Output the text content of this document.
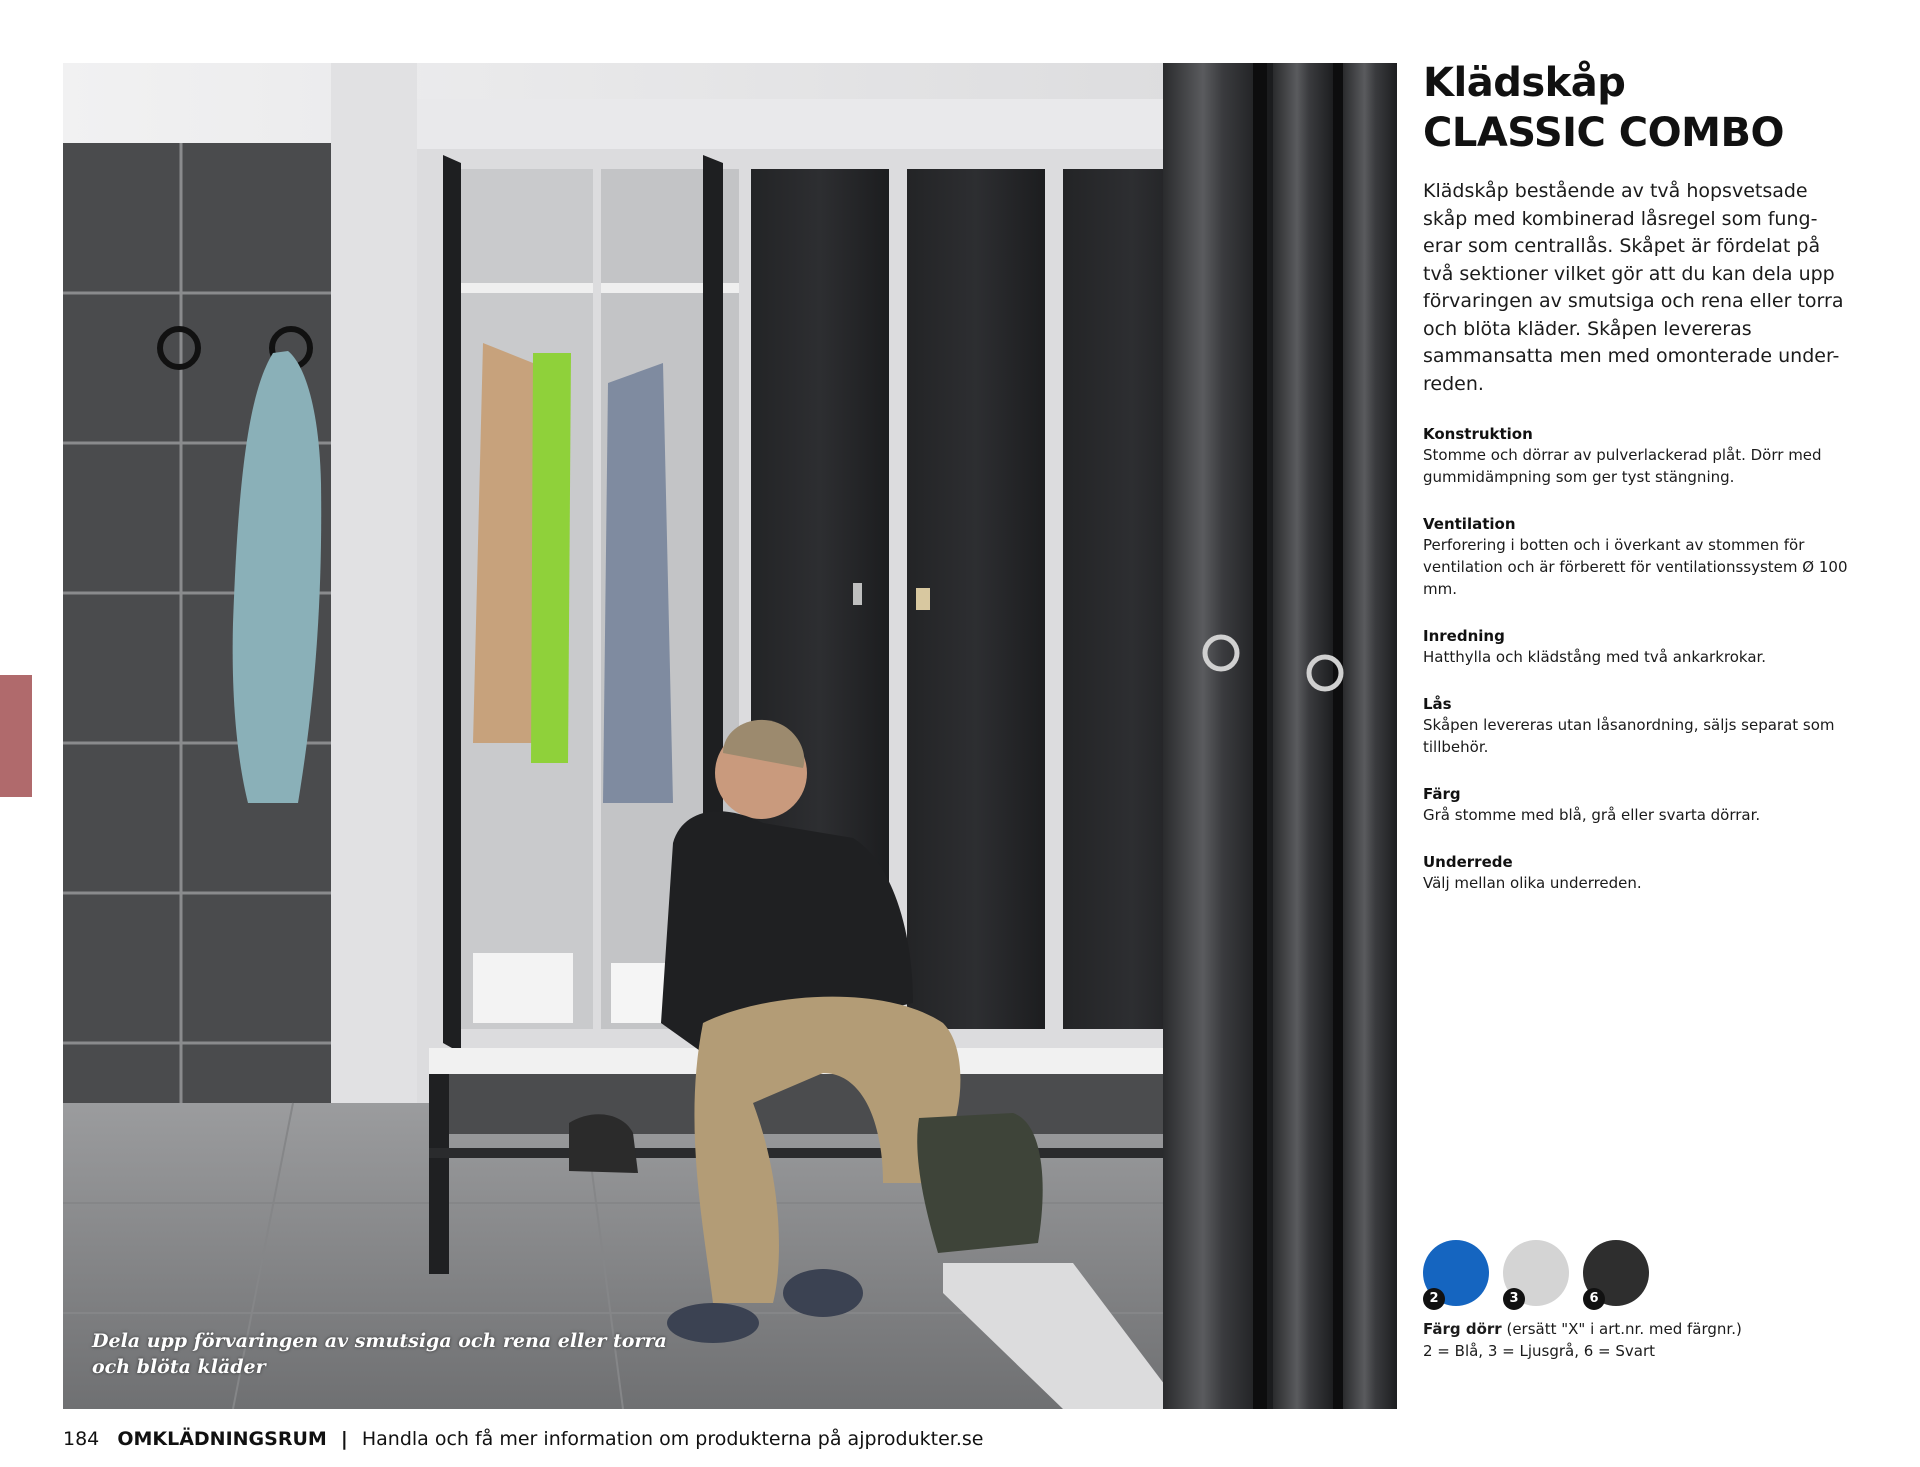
Dela upp förvaringen av smutsiga och rena eller torra och blöta kläder
Klädskåp
CLASSIC COMBO
Klädskåp bestående av två hopsvetsade skåp med kombinerad låsregel som fung-erar som centrallås. Skåpet är fördelat på två sektioner vilket gör att du kan dela upp förvaringen av smutsiga och rena eller torra och blöta kläder. Skåpen levereras sammansatta men med omonterade under-reden.
Konstruktion
Stomme och dörrar av pulverlackerad plåt. Dörr med gummidämpning som ger tyst stängning.
Ventilation
Perforering i botten och i överkant av stommen för ventilation och är förberett för ventilationssystem Ø 100 mm.
Inredning
Hatthylla och klädstång med två ankarkrokar.
Lås
Skåpen levereras utan låsanordning, säljs separat som tillbehör.
Färg
Grå stomme med blå, grå eller svarta dörrar.
Underrede
Välj mellan olika underreden.
2	3	6
Färg dörr (ersätt "X" i art.nr. med färgnr.)
2 = Blå, 3 = Ljusgrå, 6 = Svart
184 OMKLÄDNINGSRUM | Handla och få mer information om produkterna på ajprodukter.se
